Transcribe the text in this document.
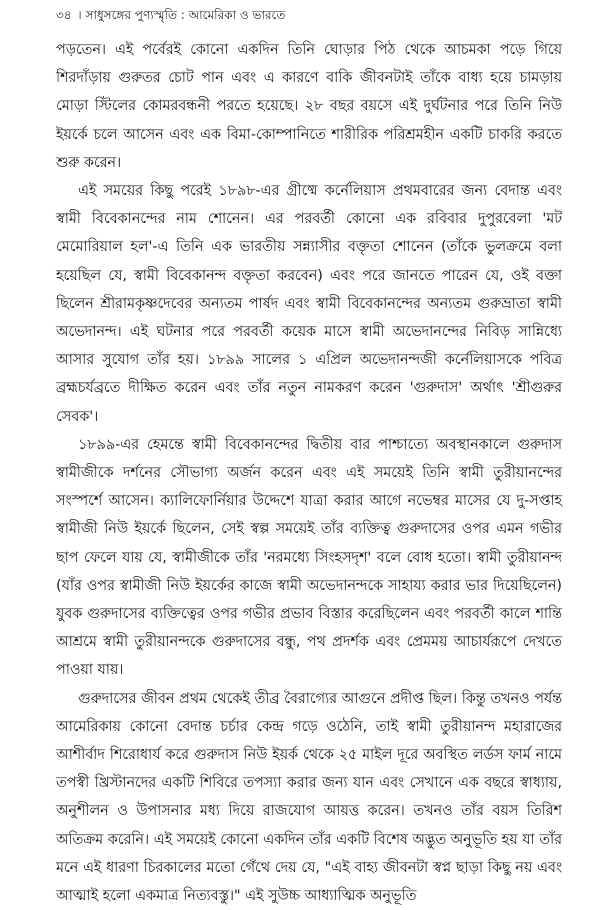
৩৪ । সাধুসঙ্গের পুণ্যস্মৃতি : আমেরিকা ও ভারতে

পড়তেন। এই পর্বেরই কোনো একদিন তিনি ঘোড়ার পিঠ থেকে আচমকা পড়ে গিয়ে শিরদাঁড়ায় গুরুতর চোট পান এবং এ কারণে বাকি জীবনটাই তাঁকে বাধ্য হয়ে চামড়ায় মোড়া স্টিলের কোমরবন্ধনী পরতে হয়েছে। ২৮ বছর বয়সে এই দুর্ঘটনার পরে তিনি নিউ ইয়র্কে চলে আসেন এবং এক বিমা-কোম্পানিতে শারীরিক পরিশ্রমহীন একটি চাকরি করতে শুরু করেন।

এই সময়ের কিছু পরেই ১৮৯৮-এর গ্রীষ্মে কর্নেলিয়াস প্রথমবারের জন্য বেদান্ত এবং স্বামী বিবেকানন্দের নাম শোনেন। এর পরবর্তী কোনো এক রবিবার দুপুরবেলা 'মট মেমোরিয়াল হল'-এ তিনি এক ভারতীয় সন্ন্যাসীর বক্তৃতা শোনেন (তাঁকে ভুলক্রমে বলা হয়েছিল যে, স্বামী বিবেকানন্দ বক্তৃতা করবেন) এবং পরে জানতে পারেন যে, ওই বক্তা ছিলেন শ্রীরামকৃষ্ণদেবের অন্যতম পার্ষদ এবং স্বামী বিবেকানন্দের অন্যতম গুরুভ্রাতা স্বামী অভেদানন্দ। এই ঘটনার পরে পরবর্তী কয়েক মাসে স্বামী অভেদানন্দের নিবিড় সান্নিধ্যে আসার সুযোগ তাঁর হয়। ১৮৯৯ সালের ১ এপ্রিল অভেদানন্দজী কর্নেলিয়াসকে পবিত্র ব্রহ্মচর্যব্রতে দীক্ষিত করেন এবং তাঁর নতুন নামকরণ করেন 'গুরুদাস' অর্থাৎ 'শ্রীগুরুর সেবক'।

১৮৯৯-এর হেমন্তে স্বামী বিবেকানন্দের দ্বিতীয় বার পাশ্চাত্যে অবস্থানকালে গুরুদাস স্বামীজীকে দর্শনের সৌভাগ্য অর্জন করেন এবং এই সময়েই তিনি স্বামী তুরীয়ানন্দের সংস্পর্শে আসেন। ক্যালিফোর্নিয়ার উদ্দেশে যাত্রা করার আগে নভেম্বর মাসের যে দু-সপ্তাহ স্বামীজী নিউ ইয়র্কে ছিলেন, সেই স্বল্প সময়েই তাঁর ব্যক্তিত্ব গুরুদাসের ওপর এমন গভীর ছাপ ফেলে যায় যে, স্বামীজীকে তাঁর 'নরমধ্যে সিংহসদৃশ' বলে বোধ হতো। স্বামী তুরীয়ানন্দ (যাঁর ওপর স্বামীজী নিউ ইয়র্কের কাজে স্বামী অভেদানন্দকে সাহায্য করার ভার দিয়েছিলেন) যুবক গুরুদাসের ব্যক্তিত্বের ওপর গভীর প্রভাব বিস্তার করেছিলেন এবং পরবর্তী কালে শান্তি আশ্রমে স্বামী তুরীয়ানন্দকে গুরুদাসের বন্ধু, পথ প্রদর্শক এবং প্রেমময় আচার্যরূপে দেখতে পাওয়া যায়।

গুরুদাসের জীবন প্রথম থেকেই তীব্র বৈরাগ্যের আগুনে প্রদীপ্ত ছিল। কিন্তু তখনও পর্যন্ত আমেরিকায় কোনো বেদান্ত চর্চার কেন্দ্র গড়ে ওঠেনি, তাই স্বামী তুরীয়ানন্দ মহারাজের আশীর্বাদ শিরোধার্য করে গুরুদাস নিউ ইয়র্ক থেকে ২৫ মাইল দূরে অবস্থিত লর্ডস ফার্ম নামে তপস্বী খ্রিস্টানদের একটি শিবিরে তপস্যা করার জন্য যান এবং সেখানে এক বছরে স্বাধ্যায়, অনুশীলন ও উপাসনার মধ্য দিয়ে রাজযোগ আয়ত্ত করেন। তখনও তাঁর বয়স তিরিশ অতিক্রম করেনি। এই সময়েই কোনো একদিন তাঁর একটি বিশেষ অদ্ভুত অনুভূতি হয় যা তাঁর মনে এই ধারণা চিরকালের মতো গেঁথে দেয় যে, "এই বাহ্য জীবনটা স্বপ্ন ছাড়া কিছু নয় এবং আত্মাই হলো একমাত্র নিত্যবস্তু।" এই সুউচ্চ আধ্যাত্মিক অনুভূতি
